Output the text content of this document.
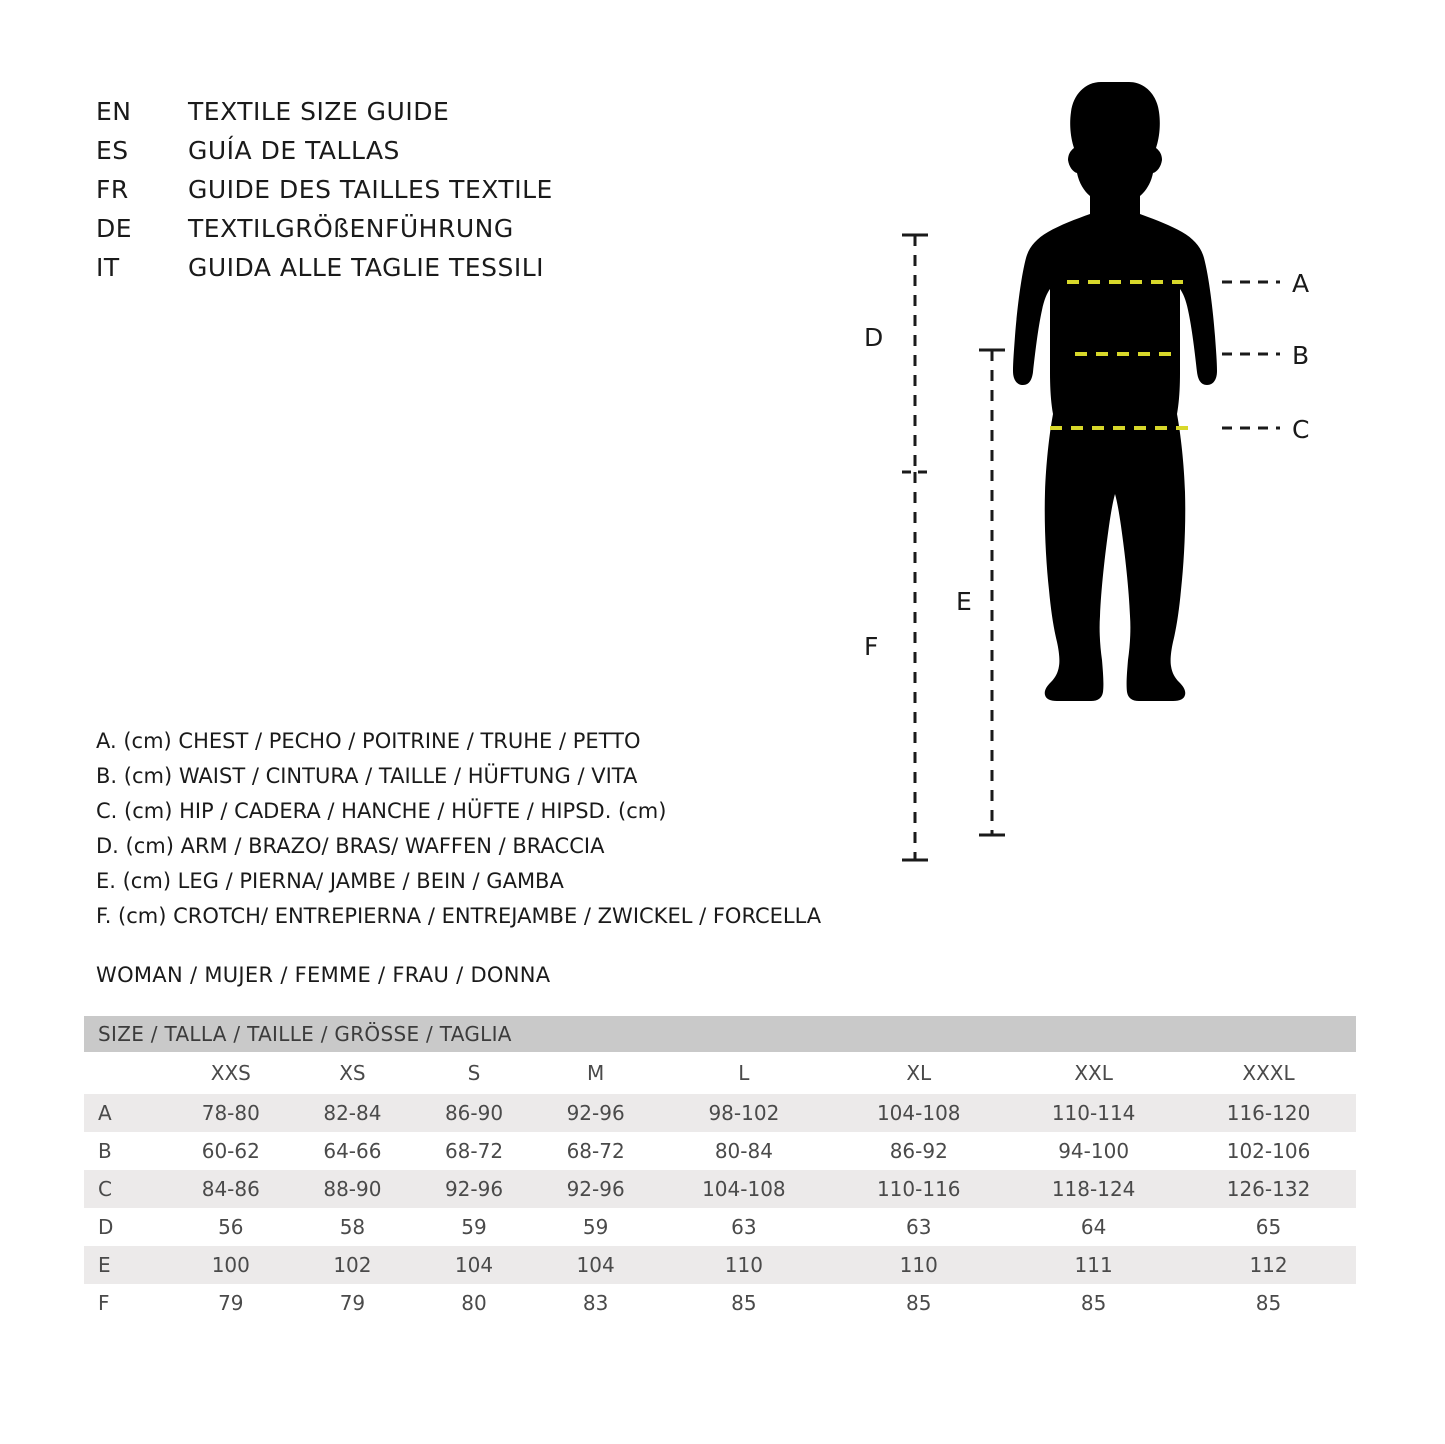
EN	TEXTILE SIZE GUIDE
ES	GUÍA DE TALLAS
FR	GUIDE DES TAILLES TEXTILE
DE	TEXTILGRÖßENFÜHRUNG
IT	GUIDA ALLE TAGLIE TESSILI
A. (cm) CHEST / PECHO / POITRINE / TRUHE / PETTO
B. (cm) WAIST / CINTURA / TAILLE / HÜFTUNG / VITA
C. (cm) HIP / CADERA / HANCHE / HÜFTE / HIPSD. (cm)
D. (cm) ARM / BRAZO/ BRAS/ WAFFEN / BRACCIA
E. (cm) LEG / PIERNA/ JAMBE / BEIN / GAMBA
F. (cm) CROTCH/ ENTREPIERNA / ENTREJAMBE / ZWICKEL / FORCELLA
WOMAN / MUJER / FEMME / FRAU / DONNA
A
B
C
D
E
F
SIZE / TALLA / TAILLE / GRÖSSE / TAGLIA								
	XXS	XS	S	M	L	XL	XXL	XXXL
A	78-80	82-84	86-90	92-96	98-102	104-108	110-114	116-120
B	60-62	64-66	68-72	68-72	80-84	86-92	94-100	102-106
C	84-86	88-90	92-96	92-96	104-108	110-116	118-124	126-132
D	56	58	59	59	63	63	64	65
E	100	102	104	104	110	110	111	112
F	79	79	80	83	85	85	85	85
